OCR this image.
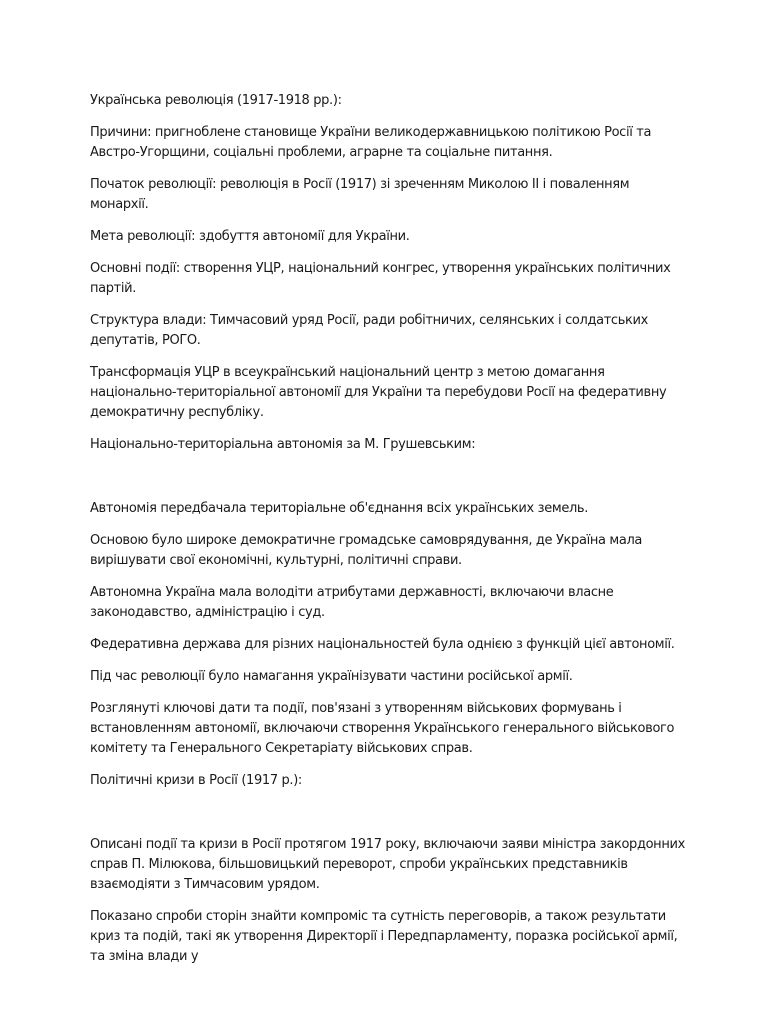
Українська революція (1917-1918 рр.):

Причини: пригноблене становище України великодержавницькою політикою Росії та Австро-Угорщини, соціальні проблеми, аграрне та соціальне питання.

Початок революції: революція в Росії (1917) зі зреченням Миколою II і поваленням монархії.

Мета революції: здобуття автономії для України.

Основні події: створення УЦР, національний конгрес, утворення українських політичних партій.

Структура влади: Тимчасовий уряд Росії, ради робітничих, селянських і солдатських депутатів, РОГО.

Трансформація УЦР в всеукраїнський національний центр з метою домагання національно-територіальної автономії для України та перебудови Росії на федеративну демократичну республіку.

Національно-територіальна автономія за М. Грушевським:

Автономія передбачала територіальне об'єднання всіх українських земель.

Основою було широке демократичне громадське самоврядування, де Україна мала вирішувати свої економічні, культурні, політичні справи.

Автономна Україна мала володіти атрибутами державності, включаючи власне законодавство, адміністрацію і суд.

Федеративна держава для різних національностей була однією з функцій цієї автономії.

Під час революції було намагання українізувати частини російської армії.

Розглянуті ключові дати та події, пов'язані з утворенням військових формувань і встановленням автономії, включаючи створення Українського генерального військового комітету та Генерального Секретаріату військових справ.

Політичні кризи в Росії (1917 р.):

Описані події та кризи в Росії протягом 1917 року, включаючи заяви міністра закордонних справ П. Мілюкова, більшовицький переворот, спроби українських представників взаємодіяти з Тимчасовим урядом.

Показано спроби сторін знайти компроміс та сутність переговорів, а також результати криз та подій, такі як утворення Директорії і Передпарламенту, поразка російської армії, та зміна влади у
